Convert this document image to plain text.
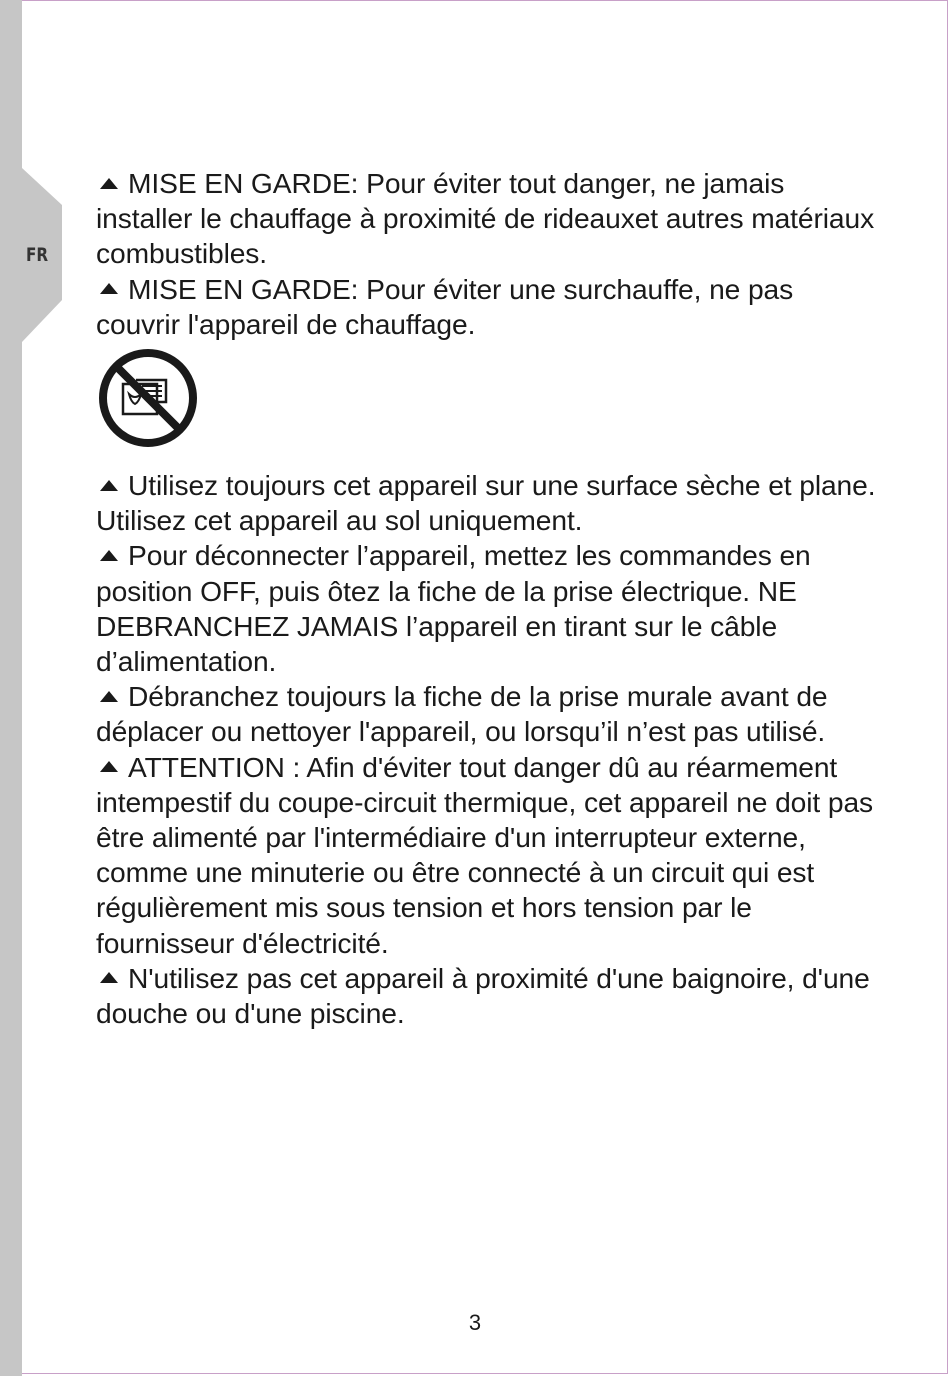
FR

MISE EN GARDE: Pour éviter tout danger, ne jamais installer le chauffage à proximité de rideauxet autres matériaux combustibles.

MISE EN GARDE: Pour éviter une surchauffe, ne pas couvrir l'appareil de chauffage.

Utilisez toujours cet appareil sur une surface sèche et plane. Utilisez cet appareil au sol uniquement.

Pour déconnecter l’appareil, mettez les commandes en position OFF, puis ôtez la fiche de la prise électrique. NE DEBRANCHEZ JAMAIS l’appareil en tirant sur le câble d’alimentation.

Débranchez toujours la fiche de la prise murale avant de déplacer ou nettoyer l'appareil, ou lorsqu’il n’est pas utilisé.

ATTENTION : Afin d'éviter tout danger dû au réarmement intempestif du coupe-circuit thermique, cet appareil ne doit pas être alimenté par l'intermédiaire d'un interrupteur externe, comme une minuterie ou être connecté à un circuit qui est régulièrement mis sous tension et hors tension par le fournisseur d'électricité.

N'utilisez pas cet appareil à proximité d'une baignoire, d'une douche ou d'une piscine.

3
